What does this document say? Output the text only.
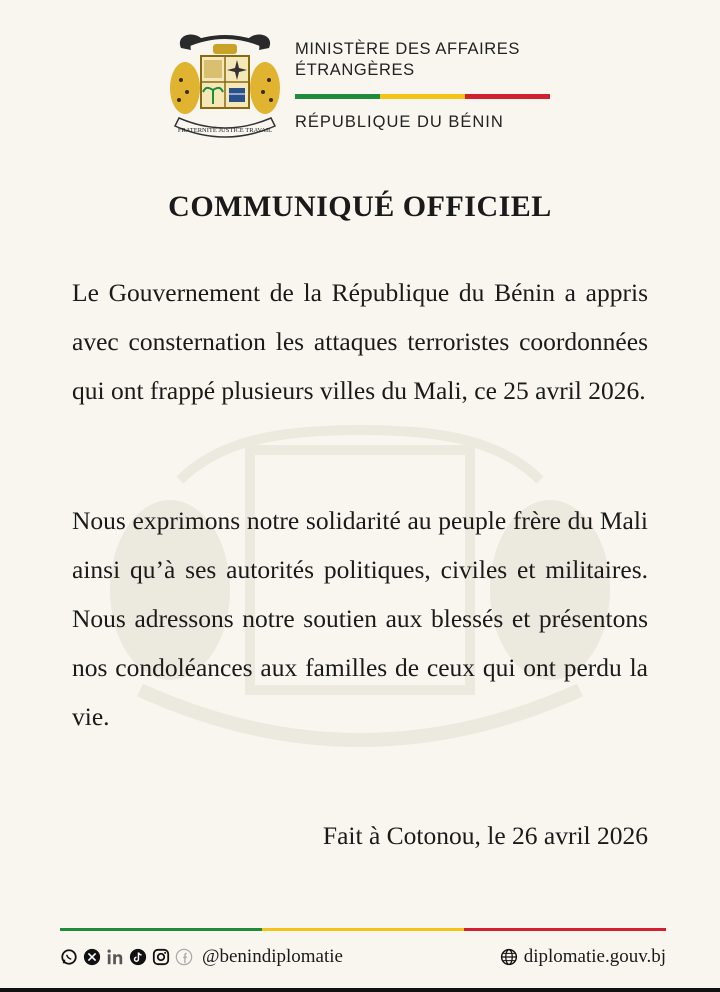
FRATERNITÉ JUSTICE TRAVAIL
MINISTÈRE DES AFFAIRES
ÉTRANGÈRES
RÉPUBLIQUE DU BÉNIN
COMMUNIQUÉ OFFICIEL
Le Gouvernement de la République du Bénin a appris avec consternation les attaques terroristes coordonnées qui ont frappé plusieurs villes du Mali, ce 25 avril 2026.
Nous exprimons notre solidarité au peuple frère du Mali ainsi qu’à ses autorités politiques, civiles et militaires. Nous adressons notre soutien aux blessés et présentons nos condoléances aux familles de ceux qui ont perdu la vie.
Fait à Cotonou, le 26 avril 2026
@benindiplomatie	diplomatie.gouv.bj
